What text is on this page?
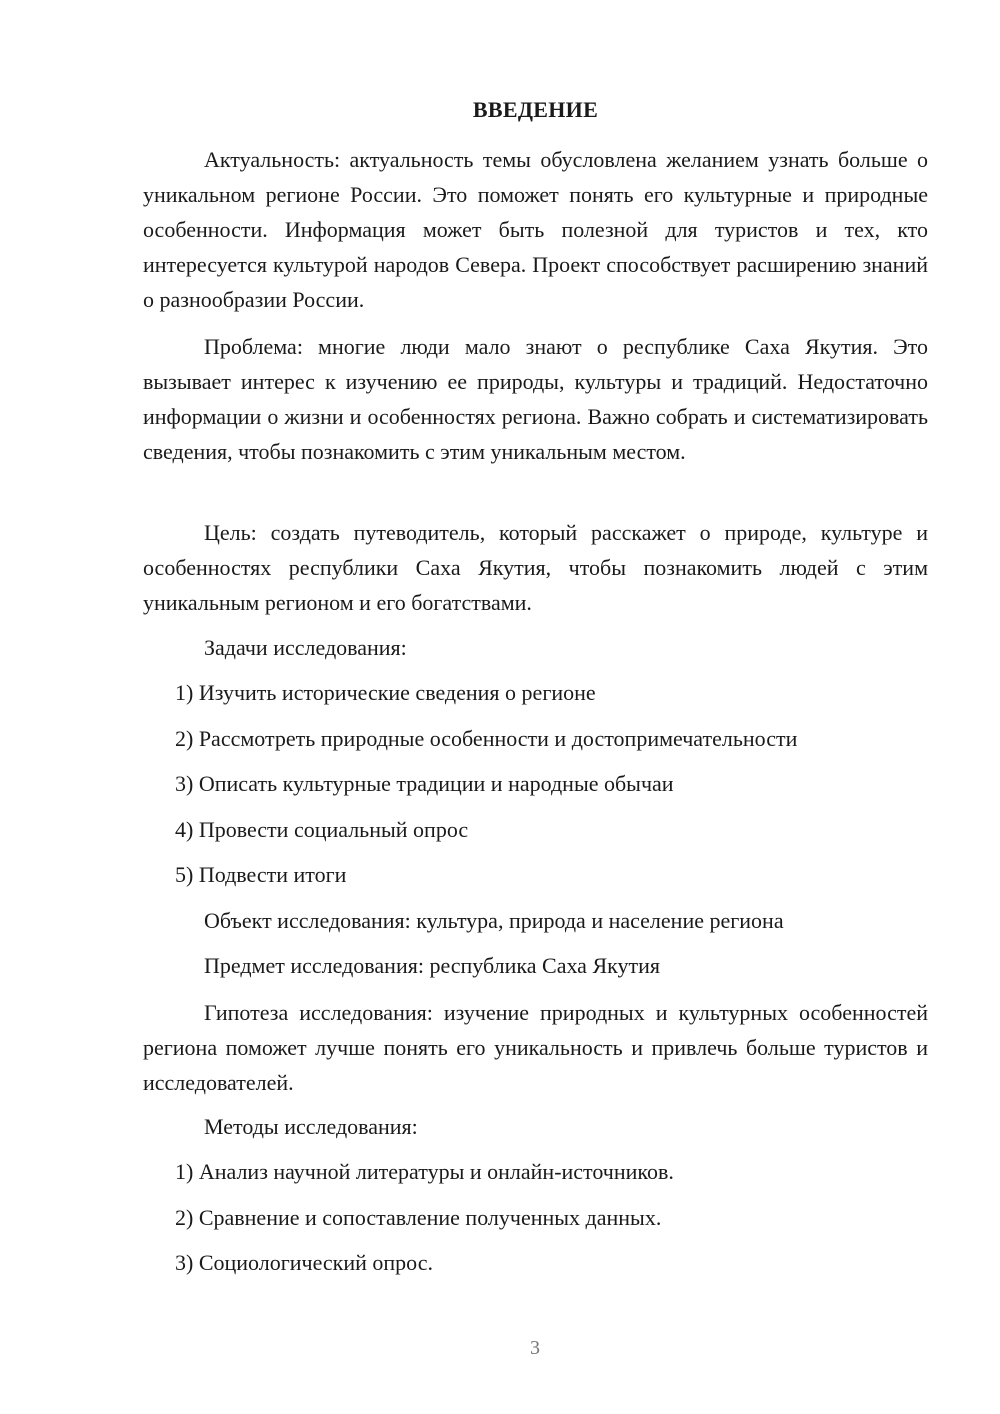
ВВЕДЕНИЕ

Актуальность: актуальность темы обусловлена желанием узнать больше о уникальном регионе России. Это поможет понять его культурные и природные особенности. Информация может быть полезной для туристов и тех, кто интересуется культурой народов Севера. Проект способствует расширению знаний о разнообразии России.

Проблема: многие люди мало знают о республике Саха Якутия. Это вызывает интерес к изучению ее природы, культуры и традиций. Недостаточно информации о жизни и особенностях региона. Важно собрать и систематизировать сведения, чтобы познакомить с этим уникальным местом.

Цель: создать путеводитель, который расскажет о природе, культуре и особенностях республики Саха Якутия, чтобы познакомить людей с этим уникальным регионом и его богатствами.

Задачи исследования:
1) Изучить исторические сведения о регионе
2) Рассмотреть природные особенности и достопримечательности
3) Описать культурные традиции и народные обычаи
4) Провести социальный опрос
5) Подвести итоги
Объект исследования: культура, природа и население региона
Предмет исследования: республика Саха Якутия

Гипотеза исследования: изучение природных и культурных особенностей региона поможет лучше понять его уникальность и привлечь больше туристов и исследователей.

Методы исследования:
1) Анализ научной литературы и онлайн-источников.
2) Сравнение и сопоставление полученных данных.
3) Социологический опрос.
3
